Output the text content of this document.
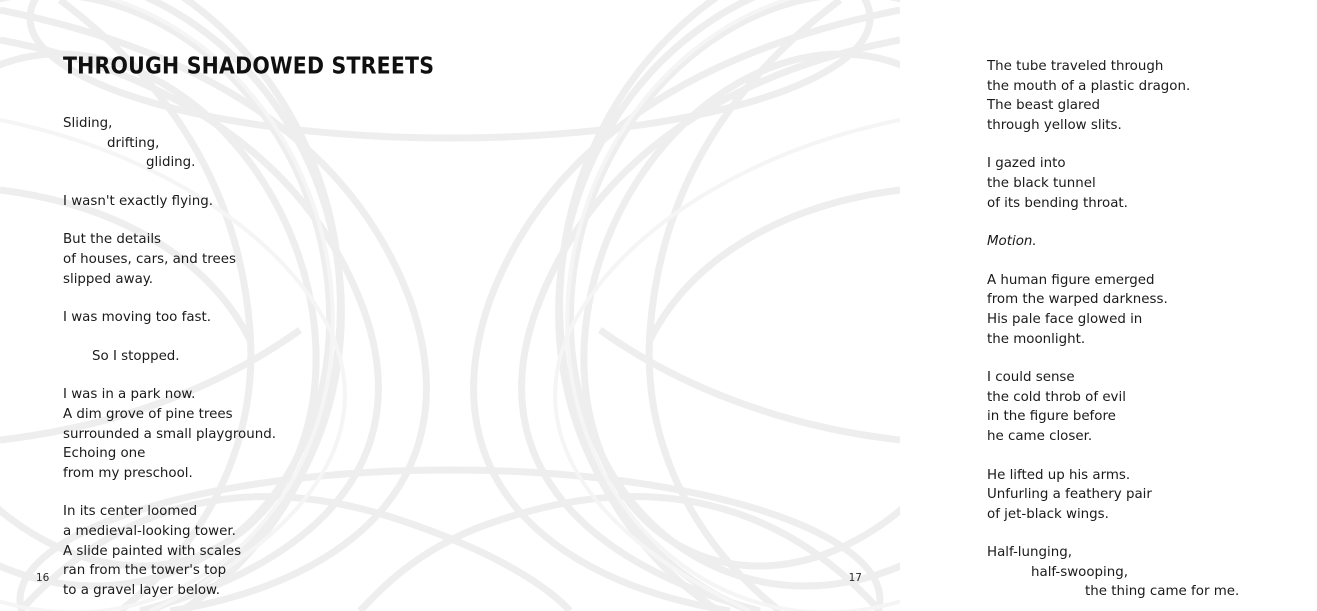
THROUGH SHADOWED STREETS
Sliding,
drifting,
gliding.
I wasn't exactly flying.
But the details
of houses, cars, and trees
slipped away.
I was moving too fast.
So I stopped.
I was in a park now.
A dim grove of pine trees
surrounded a small playground.
Echoing one
from my preschool.
In its center loomed
a medieval-looking tower.
A slide painted with scales
ran from the tower's top
to a gravel layer below.
16
The tube traveled through
the mouth of a plastic dragon.
The beast glared
through yellow slits.
I gazed into
the black tunnel
of its bending throat.
Motion.
A human figure emerged
from the warped darkness.
His pale face glowed in
the moonlight.
I could sense
the cold throb of evil
in the figure before
he came closer.
He lifted up his arms.
Unfurling a feathery pair
of jet-black wings.
Half-lunging,
half-swooping,
the thing came for me.
17
